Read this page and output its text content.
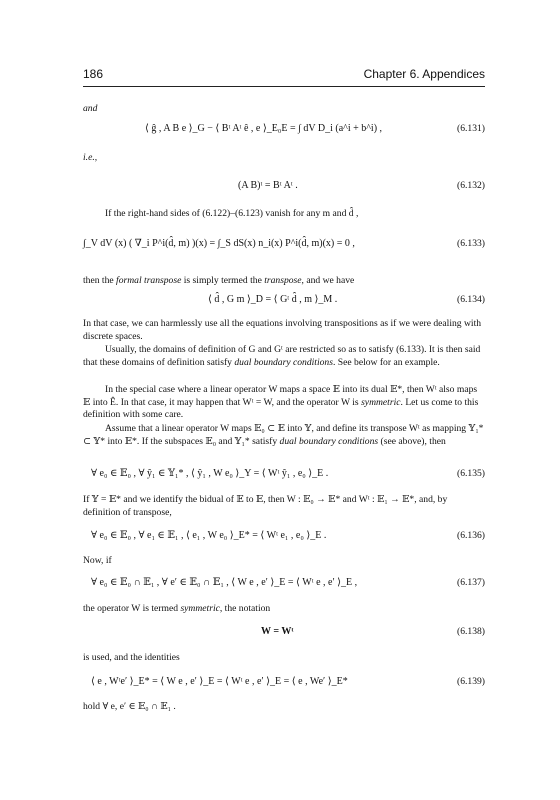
186	Chapter 6. Appendices
and
⟨ ĝ , A B e ⟩_G − ⟨ Bᵗ Aᵗ ê , e ⟩_E₀E = ∫ dV D_i (a^i + b^i) ,	(6.131)
i.e.,
(A B)ᵗ = Bᵗ Aᵗ .	(6.132)
If the right-hand sides of (6.122)–(6.123) vanish for any m and d̂ ,
∫_V dV (x) ( ∇_i P^i(d̂, m) )(x) = ∫_S dS(x) n_i(x) P^i(d̂, m)(x) = 0 ,	(6.133)
then the formal transpose is simply termed the transpose, and we have
⟨ d̂ , G m ⟩_D = ⟨ Gᵗ d̂ , m ⟩_M .	(6.134)
In that case, we can harmlessly use all the equations involving transpositions as if we were dealing with discrete spaces.
Usually, the domains of definition of G and Gᵗ are restricted so as to satisfy (6.133). It is then said that these domains of definition satisfy dual boundary conditions. See below for an example.
In the special case where a linear operator W maps a space 𝔼 into its dual 𝔼*, then Wᵗ also maps 𝔼 into Ê. In that case, it may happen that Wᵗ = W, and the operator W is symmetric. Let us come to this definition with some care.
Assume that a linear operator W maps 𝔼₀ ⊂ 𝔼 into 𝕐, and define its transpose Wᵗ as mapping 𝕐₁* ⊂ 𝕐* into 𝔼*. If the subspaces 𝔼₀ and 𝕐₁* satisfy dual boundary conditions (see above), then
∀ e₀ ∈ 𝔼₀ , ∀ ŷ₁ ∈ 𝕐₁* , ⟨ ŷ₁ , W e₀ ⟩_Y = ⟨ Wᵗ ŷ₁ , e₀ ⟩_E .	(6.135)
If 𝕐 = 𝔼* and we identify the bidual of 𝔼 to 𝔼, then W : 𝔼₀ → 𝔼* and Wᵗ : 𝔼₁ → 𝔼*, and, by definition of transpose,
∀ e₀ ∈ 𝔼₀ , ∀ e₁ ∈ 𝔼₁ , ⟨ e₁ , W e₀ ⟩_E* = ⟨ Wᵗ e₁ , e₀ ⟩_E .	(6.136)
Now, if
∀ e₀ ∈ 𝔼₀ ∩ 𝔼₁ , ∀ e′ ∈ 𝔼₀ ∩ 𝔼₁ , ⟨ W e , e′ ⟩_E = ⟨ Wᵗ e , e′ ⟩_E ,	(6.137)
the operator W is termed symmetric, the notation
W = Wᵗ	(6.138)
is used, and the identities
⟨ e , Wᵗe′ ⟩_E* = ⟨ W e , e′ ⟩_E = ⟨ Wᵗ e , e′ ⟩_E = ⟨ e , We′ ⟩_E*	(6.139)
hold ∀ e, e′ ∈ 𝔼₀ ∩ 𝔼₁ .
